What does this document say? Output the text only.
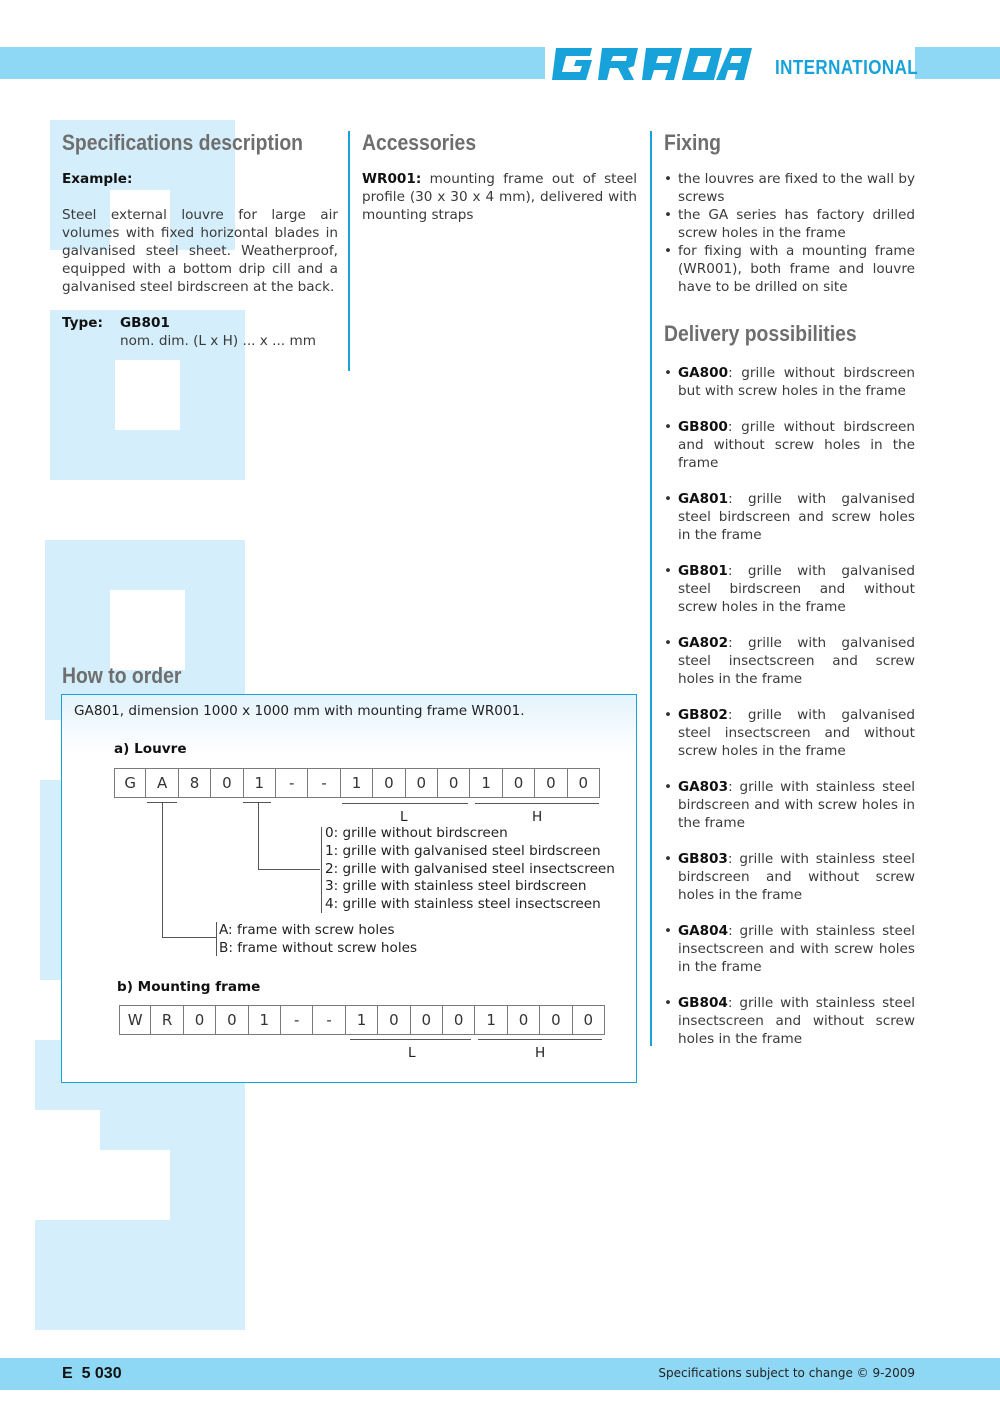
INTERNATIONAL
Specifications description
Example:
Steel external louvre for large air volumes with fixed horizontal blades in galvanised steel sheet. Weatherproof, equipped with a bottom drip cill and a galvanised steel birdscreen at the back.
Type: GB801
nom. dim. (L x H) ... x ... mm
Accessories
WR001: mounting frame out of steel profile (30 x 30 x 4 mm), delivered with mounting straps
Fixing
• the louvres are fixed to the wall by screws
• the GA series has factory drilled screw holes in the frame
• for fixing with a mounting frame (WR001), both frame and louvre have to be drilled on site
Delivery possibilities
• GA800: grille without birdscreen but with screw holes in the frame
• GB800: grille without birdscreen and without screw holes in the frame
• GA801: grille with galvanised steel birdscreen and screw holes in the frame
• GB801: grille with galvanised steel birdscreen and without screw holes in the frame
• GA802: grille with galvanised steel insectscreen and screw holes in the frame
• GB802: grille with galvanised steel insectscreen and without screw holes in the frame
• GA803: grille with stainless steel birdscreen and with screw holes in the frame
• GB803: grille with stainless steel birdscreen and without screw holes in the frame
• GA804: grille with stainless steel insectscreen and with screw holes in the frame
• GB804: grille with stainless steel insectscreen and without screw holes in the frame
How to order
GA801, dimension 1000 x 1000 mm with mounting frame WR001.
a) Louvre
G	A	8	0	1	-	-	1	0	0	0	1	0	0	0
L	H
0: grille without birdscreen
1: grille with galvanised steel birdscreen
2: grille with galvanised steel insectscreen
3: grille with stainless steel birdscreen
4: grille with stainless steel insectscreen
A: frame with screw holes
B: frame without screw holes
b) Mounting frame
W	R	0	0	1	-	-	1	0	0	0	1	0	0	0
L	H
E  5 030	Specifications subject to change © 9-2009
